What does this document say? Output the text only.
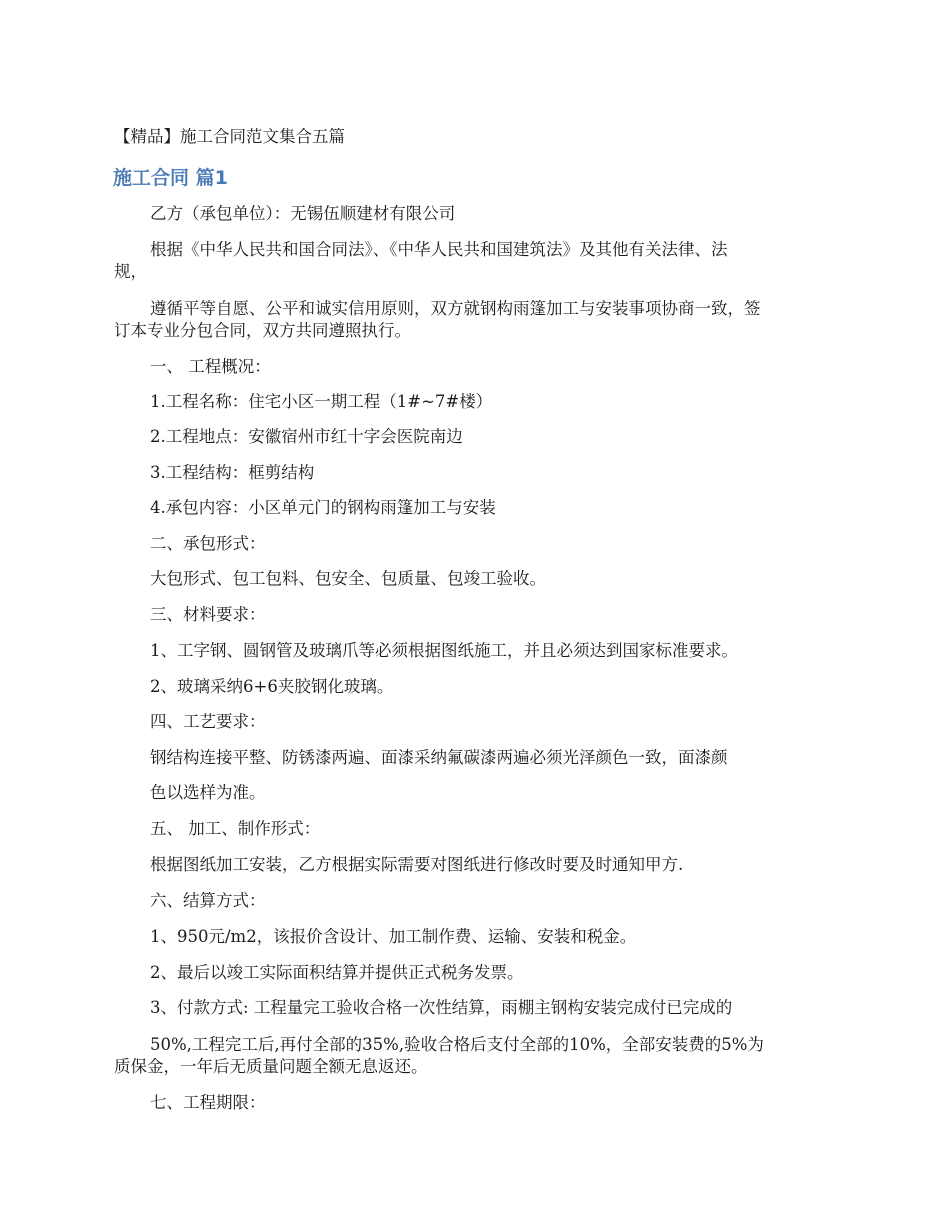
【精品】施工合同范文集合五篇
施工合同 篇1
乙方（承包单位）：无锡伍顺建材有限公司
根据《中华人民共和国合同法》、《中华人民共和国建筑法》及其他有关法律、法
规，
遵循平等自愿、公平和诚实信用原则，双方就钢构雨篷加工与安装事项协商一致，签
订本专业分包合同，双方共同遵照执行。
一、 工程概况：
1.工程名称：住宅小区一期工程（1#~7#楼）
2.工程地点：安徽宿州市红十字会医院南边
3.工程结构：框剪结构
4.承包内容：小区单元门的钢构雨篷加工与安装
二、承包形式：
大包形式、包工包料、包安全、包质量、包竣工验收。
三、材料要求：
1、工字钢、圆钢管及玻璃爪等必须根据图纸施工，并且必须达到国家标准要求。
2、玻璃采纳6+6夹胶钢化玻璃。
四、工艺要求：
钢结构连接平整、防锈漆两遍、面漆采纳氟碳漆两遍必须光泽颜色一致，面漆颜
色以选样为准。
五、 加工、制作形式：
根据图纸加工安装，乙方根据实际需要对图纸进行修改时要及时通知甲方.
六、结算方式：
1、950元/m2，该报价含设计、加工制作费、运输、安装和税金。
2、最后以竣工实际面积结算并提供正式税务发票。
3、付款方式: 工程量完工验收合格一次性结算，雨棚主钢构安装完成付已完成的
50%,工程完工后,再付全部的35%,验收合格后支付全部的10%，全部安装费的5%为
质保金，一年后无质量问题全额无息返还。
七、工程期限：
